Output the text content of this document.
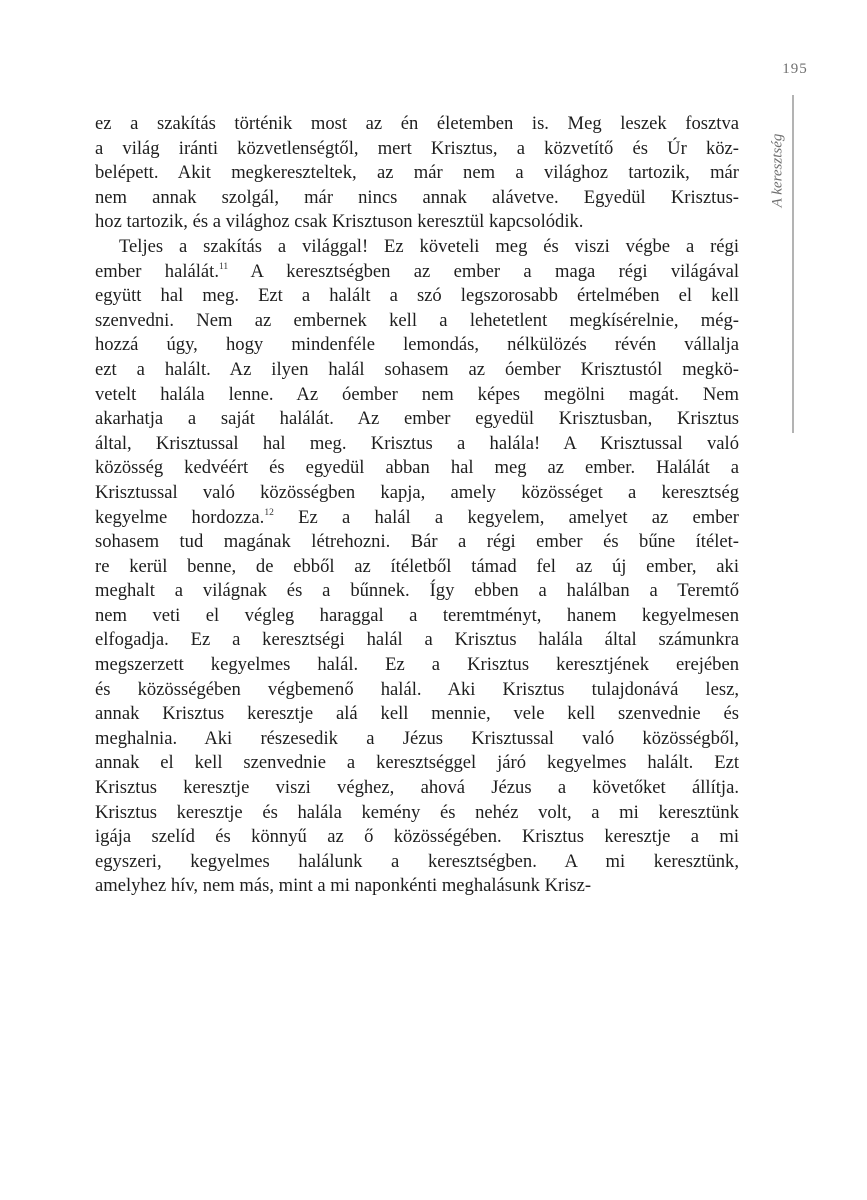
195
A keresztség
ez a szakítás történik most az én életemben is. Meg leszek fosztva
a világ iránti közvetlenségtől, mert Krisztus, a közvetítő és Úr köz-
belépett. Akit megkereszteltek, az már nem a világhoz tartozik, már
nem annak szolgál, már nincs annak alávetve. Egyedül Krisztus-
hoz tartozik, és a világhoz csak Krisztuson keresztül kapcsolódik.
Teljes a szakítás a világgal! Ez követeli meg és viszi végbe a régi
ember halálát.$^{11}$ A keresztségben az ember a maga régi világával
együtt hal meg. Ezt a halált a szó legszorosabb értelmében el kell
szenvedni. Nem az embernek kell a lehetetlent megkísérelnie, még-
hozzá úgy, hogy mindenféle lemondás, nélkülözés révén vállalja
ezt a halált. Az ilyen halál sohasem az óember Krisztustól megkö-
vetelt halála lenne. Az óember nem képes megölni magát. Nem
akarhatja a saját halálát. Az ember egyedül Krisztusban, Krisztus
által, Krisztussal hal meg. Krisztus a halála! A Krisztussal való
közösség kedvéért és egyedül abban hal meg az ember. Halálát a
Krisztussal való közösségben kapja, amely közösséget a keresztség
kegyelme hordozza.$^{12}$ Ez a halál a kegyelem, amelyet az ember
sohasem tud magának létrehozni. Bár a régi ember és bűne ítélet-
re kerül benne, de ebből az ítéletből támad fel az új ember, aki
meghalt a világnak és a bűnnek. Így ebben a halálban a Teremtő
nem veti el végleg haraggal a teremtményt, hanem kegyelmesen
elfogadja. Ez a keresztségi halál a Krisztus halála által számunkra
megszerzett kegyelmes halál. Ez a Krisztus keresztjének erejében
és közösségében végbemenő halál. Aki Krisztus tulajdonává lesz,
annak Krisztus keresztje alá kell mennie, vele kell szenvednie és
meghalnia. Aki részesedik a Jézus Krisztussal való közösségből,
annak el kell szenvednie a keresztséggel járó kegyelmes halált. Ezt
Krisztus keresztje viszi véghez, ahová Jézus a követőket állítja.
Krisztus keresztje és halála kemény és nehéz volt, a mi keresztünk
igája szelíd és könnyű az ő közösségében. Krisztus keresztje a mi
egyszeri, kegyelmes halálunk a keresztségben. A mi keresztünk,
amelyhez hív, nem más, mint a mi naponkénti meghalásunk Krisz-
